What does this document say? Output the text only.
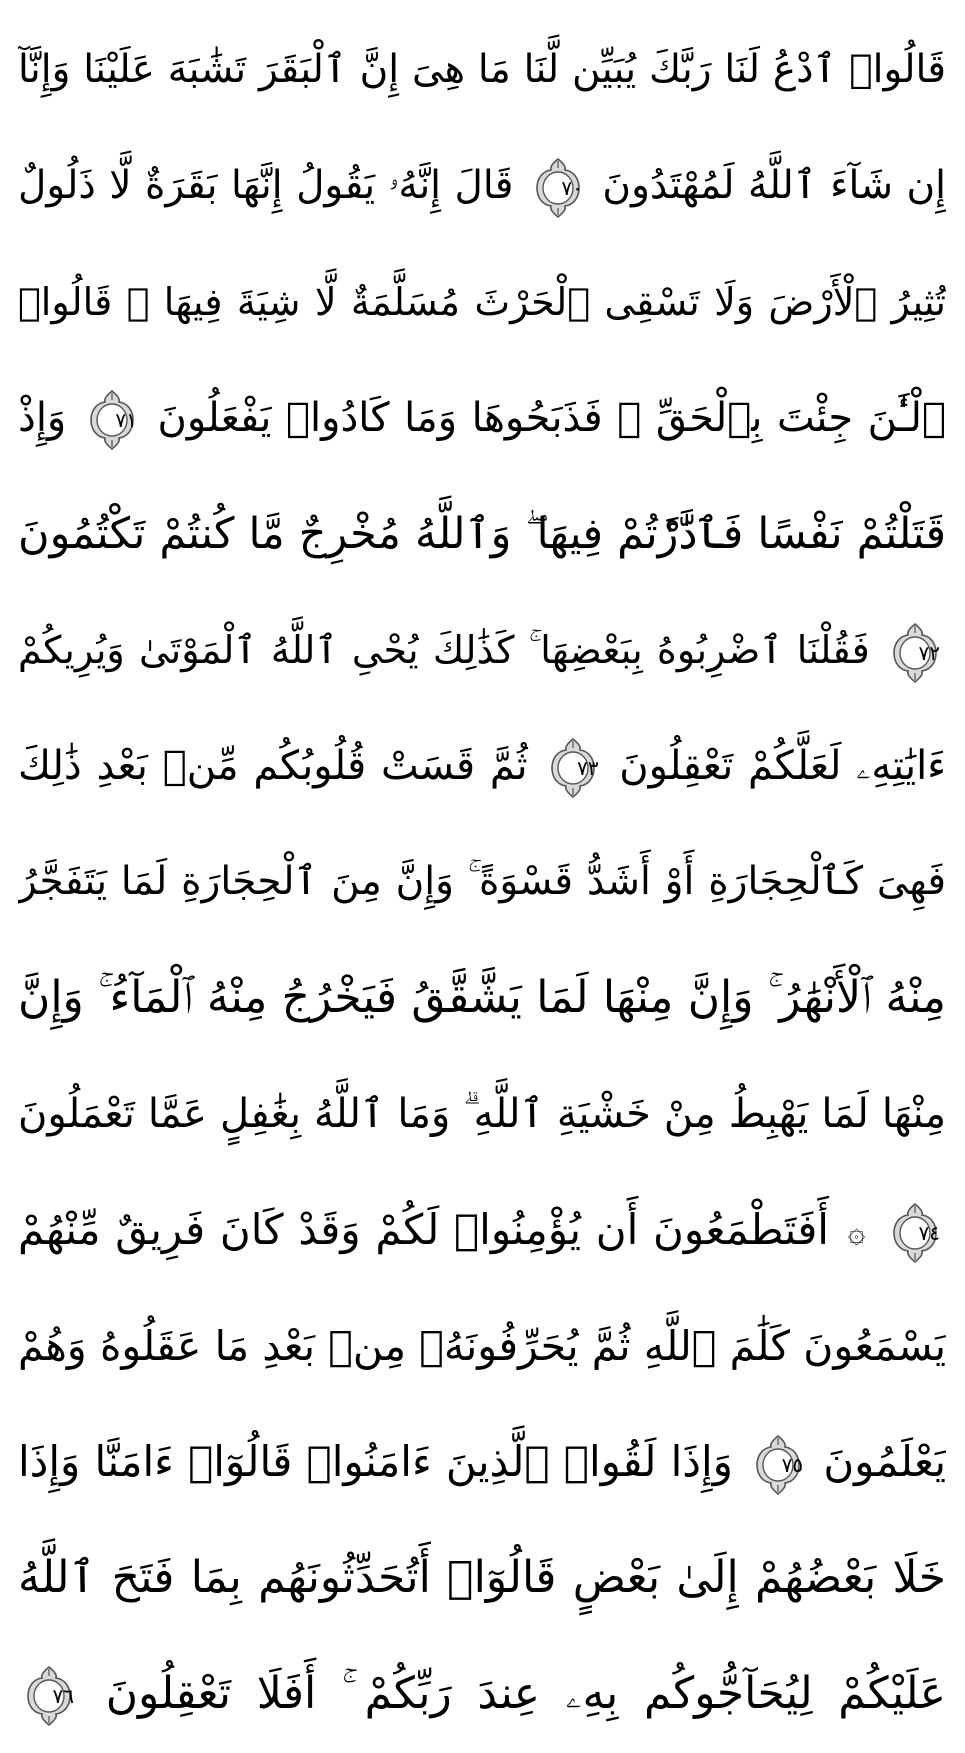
قَالُوا۟ ٱدْعُ لَنَا رَبَّكَ يُبَيِّن لَّنَا مَا هِىَ إِنَّ ٱلْبَقَرَ تَشَٰبَهَ عَلَيْنَا وَإِنَّآ
إِن شَآءَ ٱللَّهُ لَمُهْتَدُونَ
٧٠
قَالَ إِنَّهُۥ يَقُولُ إِنَّهَا بَقَرَةٌ لَّا ذَلُولٌ
تُثِيرُ ٱلْأَرْضَ وَلَا تَسْقِى ٱلْحَرْثَ مُسَلَّمَةٌ لَّا شِيَةَ فِيهَا ۚ قَالُوا۟
ٱلْـَٰٔنَ جِئْتَ بِٱلْحَقِّ ۚ فَذَبَحُوهَا وَمَا كَادُوا۟ يَفْعَلُونَ
٧١
وَإِذْ
قَتَلْتُمْ نَفْسًا فَٱدَّٰرَْٔتُمْ فِيهَا ۖ وَٱللَّهُ مُخْرِجٌ مَّا كُنتُمْ تَكْتُمُونَ
٧٢
فَقُلْنَا ٱضْرِبُوهُ بِبَعْضِهَا ۚ كَذَٰلِكَ يُحْىِ ٱللَّهُ ٱلْمَوْتَىٰ وَيُرِيكُمْ
ءَايَٰتِهِۦ لَعَلَّكُمْ تَعْقِلُونَ
٧٣
ثُمَّ قَسَتْ قُلُوبُكُم مِّنۢ بَعْدِ ذَٰلِكَ
فَهِىَ كَٱلْحِجَارَةِ أَوْ أَشَدُّ قَسْوَةً ۚ وَإِنَّ مِنَ ٱلْحِجَارَةِ لَمَا يَتَفَجَّرُ
مِنْهُ ٱلْأَنْهَٰرُ ۚ وَإِنَّ مِنْهَا لَمَا يَشَّقَّقُ فَيَخْرُجُ مِنْهُ ٱلْمَآءُ ۚ وَإِنَّ
مِنْهَا لَمَا يَهْبِطُ مِنْ خَشْيَةِ ٱللَّهِ ۗ وَمَا ٱللَّهُ بِغَٰفِلٍ عَمَّا تَعْمَلُونَ
٧٤
۞ أَفَتَطْمَعُونَ أَن يُؤْمِنُوا۟ لَكُمْ وَقَدْ كَانَ فَرِيقٌ مِّنْهُمْ
يَسْمَعُونَ كَلَٰمَ ٱللَّهِ ثُمَّ يُحَرِّفُونَهُۥ مِنۢ بَعْدِ مَا عَقَلُوهُ وَهُمْ
يَعْلَمُونَ
٧٥
وَإِذَا لَقُوا۟ ٱلَّذِينَ ءَامَنُوا۟ قَالُوٓا۟ ءَامَنَّا وَإِذَا
خَلَا بَعْضُهُمْ إِلَىٰ بَعْضٍ قَالُوٓا۟ أَتُحَدِّثُونَهُم بِمَا فَتَحَ ٱللَّهُ
عَلَيْكُمْ لِيُحَآجُّوكُم بِهِۦ عِندَ رَبِّكُمْ ۚ أَفَلَا تَعْقِلُونَ
٧٦
